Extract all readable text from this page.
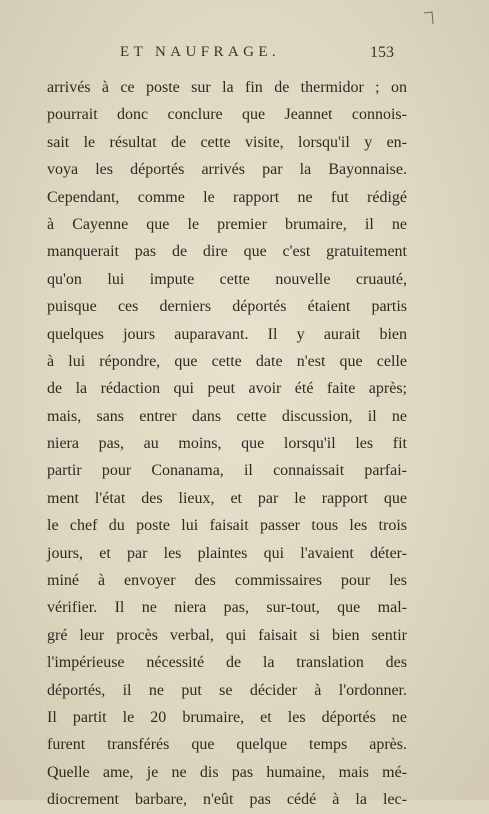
ET NAUFRAGE.	153
arrivés à ce poste sur la fin de thermidor ; on
pourrait donc conclure que Jeannet connois-
sait le résultat de cette visite, lorsqu'il y en-
voya les déportés arrivés par la Bayonnaise.
Cependant, comme le rapport ne fut rédigé
à Cayenne que le premier brumaire, il ne
manquerait pas de dire que c'est gratuitement
qu'on lui impute cette nouvelle cruauté,
puisque ces derniers déportés étaient partis
quelques jours auparavant. Il y aurait bien
à lui répondre, que cette date n'est que celle
de la rédaction qui peut avoir été faite après;
mais, sans entrer dans cette discussion, il ne
niera pas, au moins, que lorsqu'il les fit
partir pour Conanama, il connaissait parfai-
ment l'état des lieux, et par le rapport que
le chef du poste lui faisait passer tous les trois
jours, et par les plaintes qui l'avaient déter-
miné à envoyer des commissaires pour les
vérifier. Il ne niera pas, sur-tout, que mal-
gré leur procès verbal, qui faisait si bien sentir
l'impérieuse nécessité de la translation des
déportés, il ne put se décider à l'ordonner.
Il partit le 20 brumaire, et les déportés ne
furent transférés que quelque temps après.
Quelle ame, je ne dis pas humaine, mais mé-
diocrement barbare, n'eût pas cédé à la lec-
